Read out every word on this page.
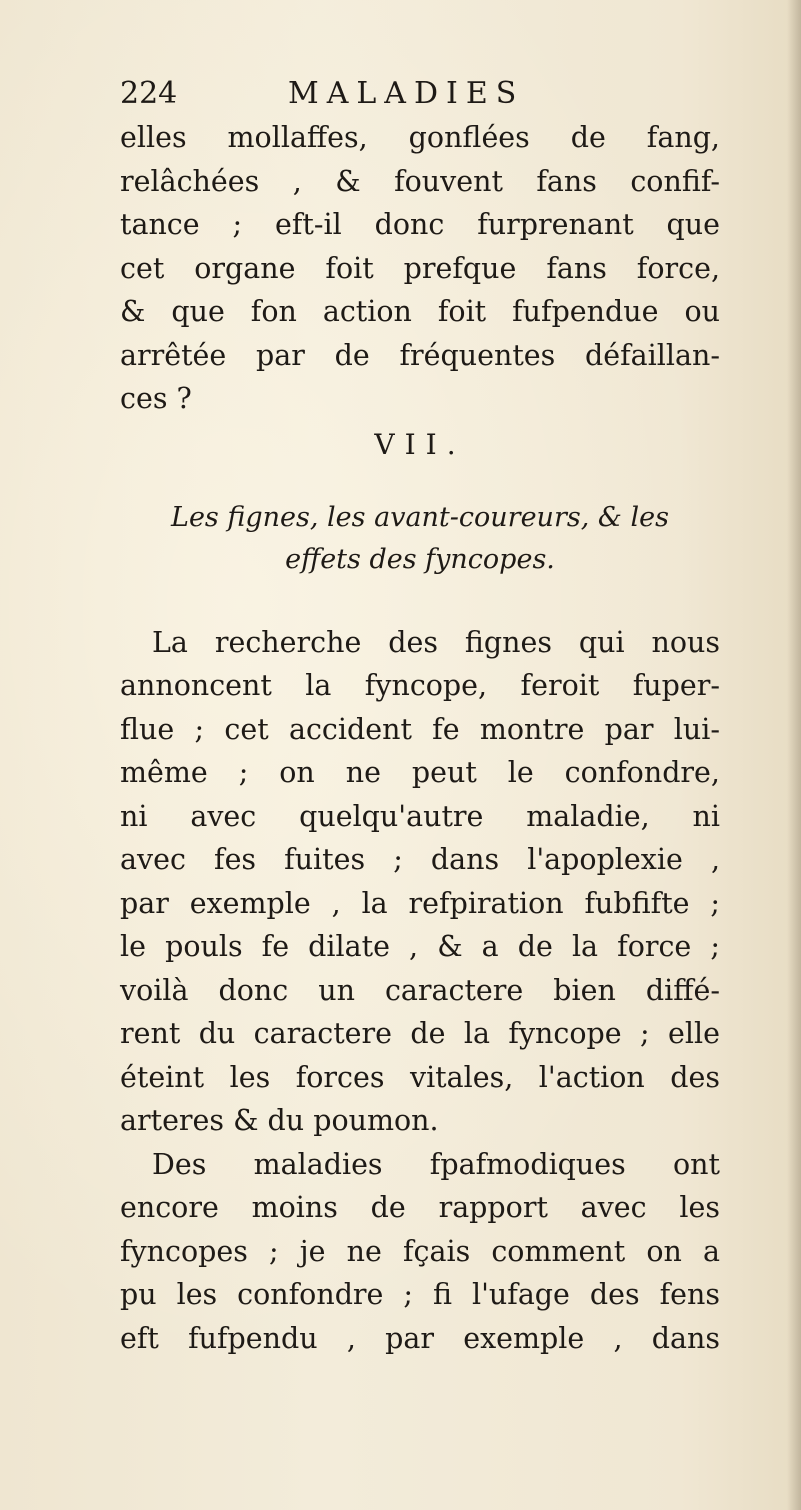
224	MALADIES
elles mollaffes, gonflées de fang,
relâchées , & fouvent fans confif-
tance ; eft-il donc furprenant que
cet organe foit prefque fans force,
& que fon action foit fufpendue ou
arrêtée par de fréquentes défaillan-
ces ?
VII.
Les fignes, les avant-coureurs, & les
effets des fyncopes.
La recherche des fignes qui nous
annoncent la fyncope, feroit fuper-
flue ; cet accident fe montre par lui-
même ; on ne peut le confondre,
ni avec quelqu'autre maladie, ni
avec fes fuites ; dans l'apoplexie ,
par exemple , la refpiration fubfifte ;
le pouls fe dilate , & a de la force ;
voilà donc un caractere bien diffé-
rent du caractere de la fyncope ; elle
éteint les forces vitales, l'action des
arteres & du poumon.
Des maladies fpafmodiques ont
encore moins de rapport avec les
fyncopes ; je ne fçais comment on a
pu les confondre ; fi l'ufage des fens
eft fufpendu , par exemple , dans
